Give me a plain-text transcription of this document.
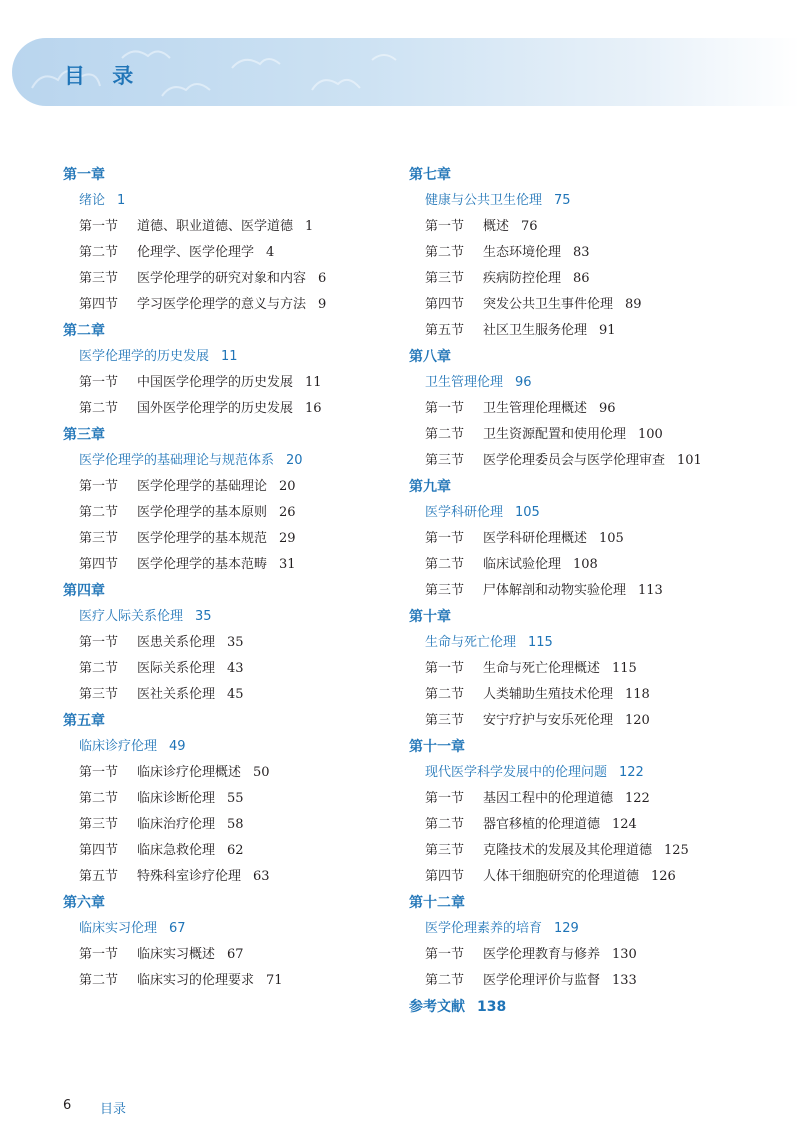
目 录
第一章
绪论 1
第一节 道德、职业道德、医学道德 1
第二节 伦理学、医学伦理学 4
第三节 医学伦理学的研究对象和内容 6
第四节 学习医学伦理学的意义与方法 9
第二章
医学伦理学的历史发展 11
第一节 中国医学伦理学的历史发展 11
第二节 国外医学伦理学的历史发展 16
第三章
医学伦理学的基础理论与规范体系 20
第一节 医学伦理学的基础理论 20
第二节 医学伦理学的基本原则 26
第三节 医学伦理学的基本规范 29
第四节 医学伦理学的基本范畴 31
第四章
医疗人际关系伦理 35
第一节 医患关系伦理 35
第二节 医际关系伦理 43
第三节 医社关系伦理 45
第五章
临床诊疗伦理 49
第一节 临床诊疗伦理概述 50
第二节 临床诊断伦理 55
第三节 临床治疗伦理 58
第四节 临床急救伦理 62
第五节 特殊科室诊疗伦理 63
第六章
临床实习伦理 67
第一节 临床实习概述 67
第二节 临床实习的伦理要求 71
第七章
健康与公共卫生伦理 75
第一节 概述 76
第二节 生态环境伦理 83
第三节 疾病防控伦理 86
第四节 突发公共卫生事件伦理 89
第五节 社区卫生服务伦理 91
第八章
卫生管理伦理 96
第一节 卫生管理伦理概述 96
第二节 卫生资源配置和使用伦理 100
第三节 医学伦理委员会与医学伦理审查 101
第九章
医学科研伦理 105
第一节 医学科研伦理概述 105
第二节 临床试验伦理 108
第三节 尸体解剖和动物实验伦理 113
第十章
生命与死亡伦理 115
第一节 生命与死亡伦理概述 115
第二节 人类辅助生殖技术伦理 118
第三节 安宁疗护与安乐死伦理 120
第十一章
现代医学科学发展中的伦理问题 122
第一节 基因工程中的伦理道德 122
第二节 器官移植的伦理道德 124
第三节 克隆技术的发展及其伦理道德 125
第四节 人体干细胞研究的伦理道德 126
第十二章
医学伦理素养的培育 129
第一节 医学伦理教育与修养 130
第二节 医学伦理评价与监督 133
参考文献 138
6 目录
